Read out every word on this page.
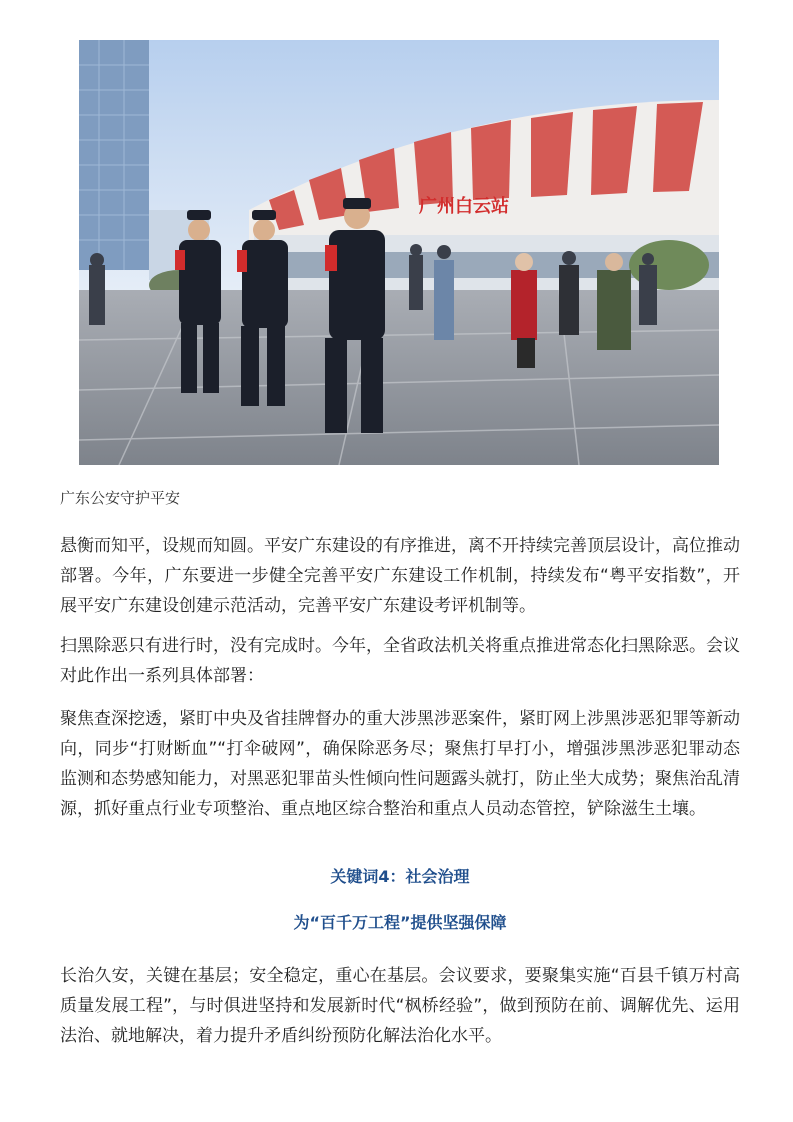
广州白云站
广东公安守护平安

悬衡而知平，设规而知圆。平安广东建设的有序推进，离不开持续完善顶层设计，高位推动部署。今年，广东要进一步健全完善平安广东建设工作机制，持续发布“粤平安指数”，开展平安广东建设创建示范活动，完善平安广东建设考评机制等。

扫黑除恶只有进行时，没有完成时。今年，全省政法机关将重点推进常态化扫黑除恶。会议对此作出一系列具体部署：

聚焦查深挖透，紧盯中央及省挂牌督办的重大涉黑涉恶案件，紧盯网上涉黑涉恶犯罪等新动向，同步“打财断血”“打伞破网”，确保除恶务尽；聚焦打早打小，增强涉黑涉恶犯罪动态监测和态势感知能力，对黑恶犯罪苗头性倾向性问题露头就打，防止坐大成势；聚焦治乱清源，抓好重点行业专项整治、重点地区综合整治和重点人员动态管控，铲除滋生土壤。

关键词4：社会治理
为“百千万工程”提供坚强保障

长治久安，关键在基层；安全稳定，重心在基层。会议要求，要聚集实施“百县千镇万村高质量发展工程”，与时俱进坚持和发展新时代“枫桥经验”，做到预防在前、调解优先、运用法治、就地解决，着力提升矛盾纠纷预防化解法治化水平。
